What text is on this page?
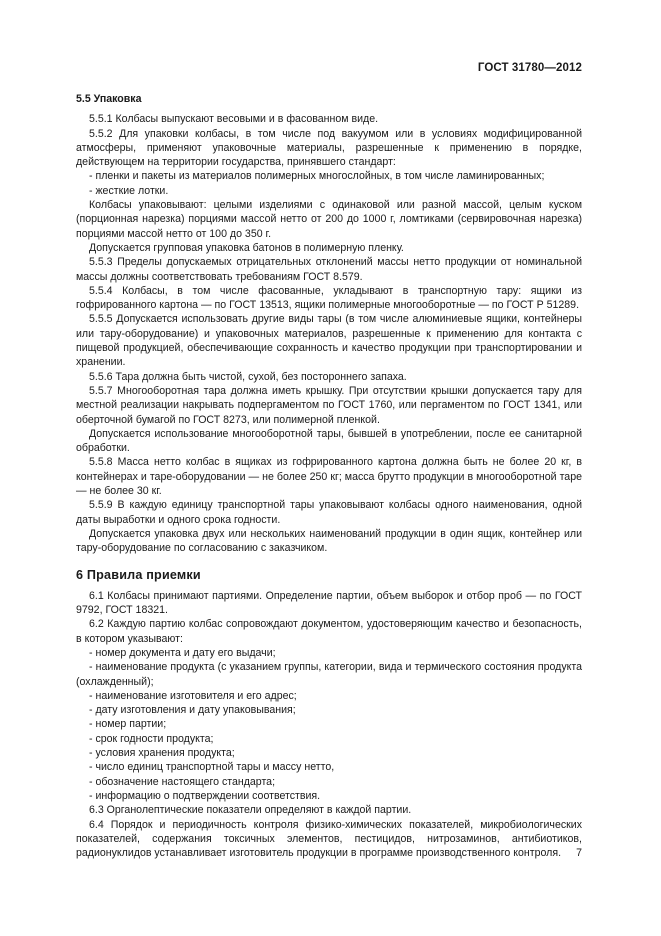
ГОСТ 31780—2012
5.5 Упаковка

5.5.1 Колбасы выпускают весовыми и в фасованном виде.

5.5.2 Для упаковки колбасы, в том числе под вакуумом или в условиях модифицированной атмосферы, применяют упаковочные материалы, разрешенные к применению в порядке, действующем на территории государства, принявшего стандарт:

- пленки и пакеты из материалов полимерных многослойных, в том числе ламинированных;

- жесткие лотки.

Колбасы упаковывают: целыми изделиями с одинаковой или разной массой, целым куском (порционная нарезка) порциями массой нетто от 200 до 1000 г, ломтиками (сервировочная нарезка) порциями массой нетто от 100 до 350 г.

Допускается групповая упаковка батонов в полимерную пленку.

5.5.3 Пределы допускаемых отрицательных отклонений массы нетто продукции от номинальной массы должны соответствовать требованиям ГОСТ 8.579.

5.5.4 Колбасы, в том числе фасованные, укладывают в транспортную тару: ящики из гофрированного картона — по ГОСТ 13513, ящики полимерные многооборотные — по ГОСТ Р 51289.

5.5.5 Допускается использовать другие виды тары (в том числе алюминиевые ящики, контейнеры или тару-оборудование) и упаковочных материалов, разрешенные к применению для контакта с пищевой продукцией, обеспечивающие сохранность и качество продукции при транспортировании и хранении.

5.5.6 Тара должна быть чистой, сухой, без постороннего запаха.

5.5.7 Многооборотная тара должна иметь крышку. При отсутствии крышки допускается тару для местной реализации накрывать подпергаментом по ГОСТ 1760, или пергаментом по ГОСТ 1341, или оберточной бумагой по ГОСТ 8273, или полимерной пленкой.

Допускается использование многооборотной тары, бывшей в употреблении, после ее санитарной обработки.

5.5.8 Масса нетто колбас в ящиках из гофрированного картона должна быть не более 20 кг, в контейнерах и таре-оборудовании — не более 250 кг; масса брутто продукции в многооборотной таре — не более 30 кг.

5.5.9 В каждую единицу транспортной тары упаковывают колбасы одного наименования, одной даты выработки и одного срока годности.

Допускается упаковка двух или нескольких наименований продукции в один ящик, контейнер или тару-оборудование по согласованию с заказчиком.

6 Правила приемки

6.1 Колбасы принимают партиями. Определение партии, объем выборок и отбор проб — по ГОСТ 9792, ГОСТ 18321.

6.2 Каждую партию колбас сопровождают документом, удостоверяющим качество и безопасность, в котором указывают:

- номер документа и дату его выдачи;

- наименование продукта (с указанием группы, категории, вида и термического состояния продукта (охлажденный);

- наименование изготовителя и его адрес;

- дату изготовления и дату упаковывания;

- номер партии;

- срок годности продукта;

- условия хранения продукта;

- число единиц транспортной тары и массу нетто,

- обозначение настоящего стандарта;

- информацию о подтверждении соответствия.

6.3 Органолептические показатели определяют в каждой партии.

6.4 Порядок и периодичность контроля физико-химических показателей, микробиологических показателей, содержания токсичных элементов, пестицидов, нитрозаминов, антибиотиков, радионуклидов устанавливает изготовитель продукции в программе производственного контроля.	7
